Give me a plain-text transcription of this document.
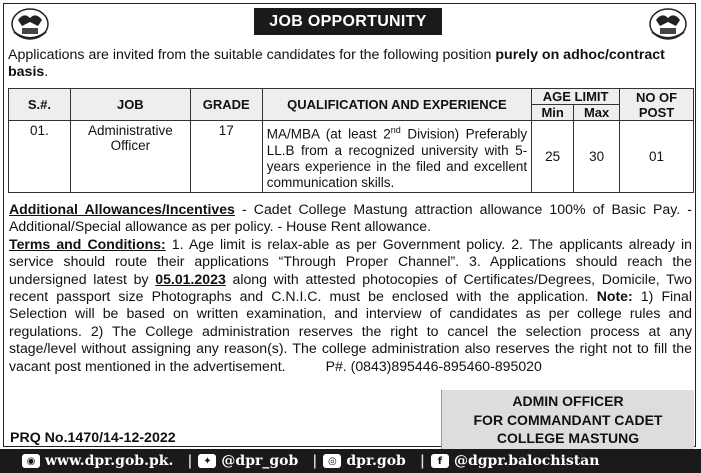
JOB OPPORTUNITY
Applications are invited from the suitable candidates for the following position purely on adhoc/contract basis.
S.#.	JOB	GRADE	QUALIFICATION AND EXPERIENCE	AGE LIMIT		NO OF POST
				Min	Max	
01.	Administrative Officer	17	MA/MBA (at least 2nd Division) Preferably LL.B from a recognized university with 5-years experience in the filed and excellent communication skills.	25	30	01
Additional Allowances/Incentives - Cadet College Mastung attraction allowance 100% of Basic Pay. - Additional/Special allowance as per policy. - House Rent allowance.
Terms and Conditions: 1. Age limit is relax-able as per Government policy. 2. The applicants already in service should route their applications “Through Proper Channel”. 3. Applications should reach the undersigned latest by 05.01.2023 along with attested photocopies of Certificates/Degrees, Domicile, Two recent passport size Photographs and C.N.I.C. must be enclosed with the application. Note: 1) Final Selection will be based on written examination, and interview of candidates as per college rules and regulations. 2) The College administration reserves the right to cancel the selection process at any stage/level without assigning any reason(s). The college administration also reserves the right not to fill the vacant post mentioned in the advertisement.	P#. (0843)895446-895460-895020
ADMIN OFFICER
FOR COMMANDANT CADET
COLLEGE MASTUNG
PRQ No.1470/14-12-2022
◉ www.dpr.gob.pk. |	✦ @dpr_gob |	◎ dpr.gob |	f @dgpr.balochistan
